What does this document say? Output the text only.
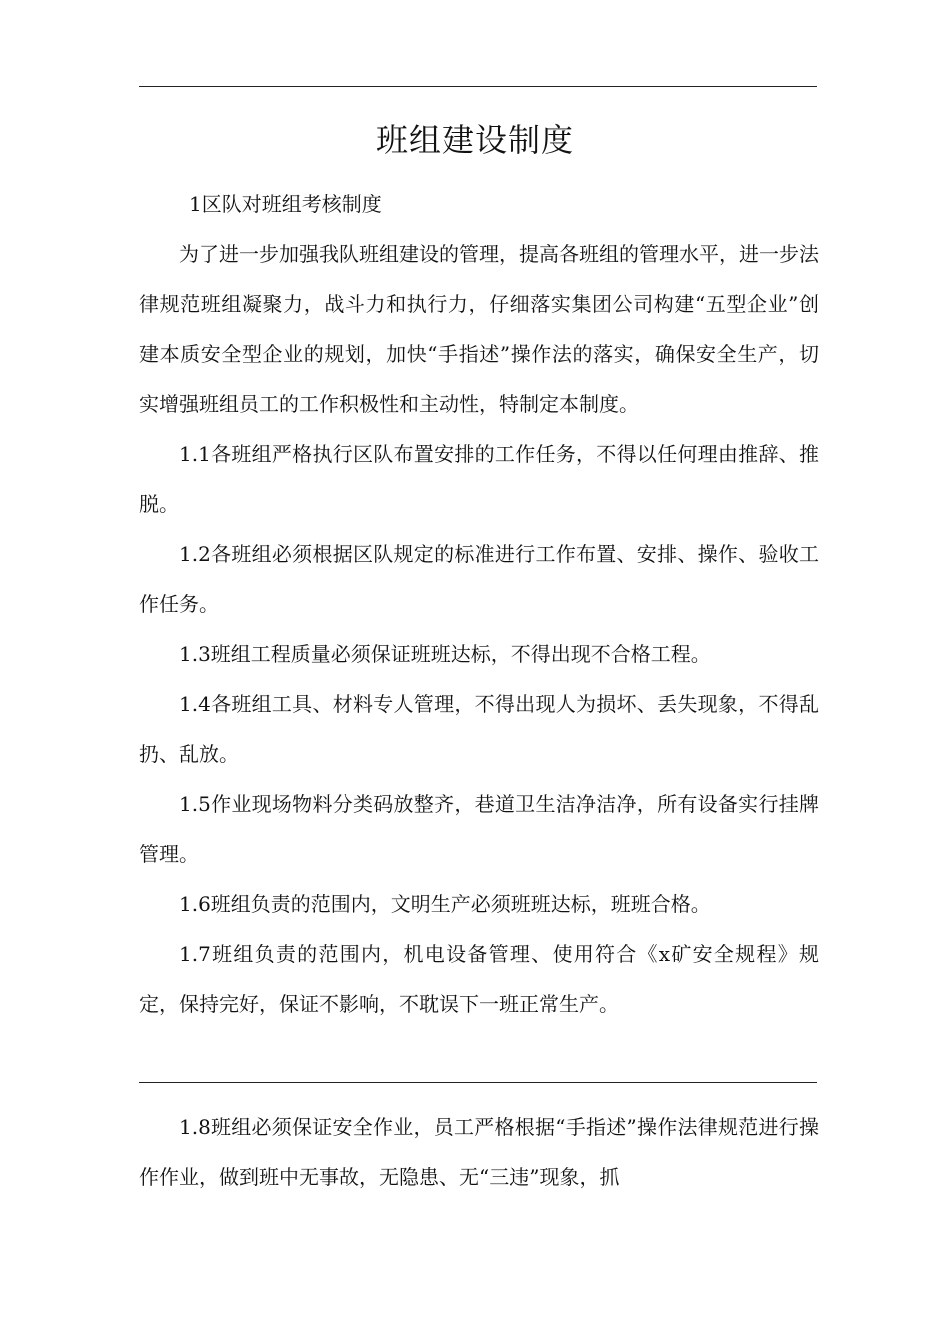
班组建设制度

1区队对班组考核制度

为了进一步加强我队班组建设的管理，提高各班组的管理水平，进一步法律规范班组凝聚力，战斗力和执行力，仔细落实集团公司构建“五型企业”创建本质安全型企业的规划，加快“手指述”操作法的落实，确保安全生产，切实增强班组员工的工作积极性和主动性，特制定本制度。

1.1各班组严格执行区队布置安排的工作任务，不得以任何理由推辞、推脱。

1.2各班组必须根据区队规定的标准进行工作布置、安排、操作、验收工作任务。

1.3班组工程质量必须保证班班达标，不得出现不合格工程。

1.4各班组工具、材料专人管理，不得出现人为损坏、丢失现象，不得乱扔、乱放。

1.5作业现场物料分类码放整齐，巷道卫生洁净洁净，所有设备实行挂牌管理。

1.6班组负责的范围内，文明生产必须班班达标，班班合格。

1.7班组负责的范围内，机电设备管理、使用符合《x矿安全规程》规定，保持完好，保证不影响，不耽误下一班正常生产。

1.8班组必须保证安全作业，员工严格根据“手指述”操作法律规范进行操作作业，做到班中无事故，无隐患、无“三违”现象，抓
